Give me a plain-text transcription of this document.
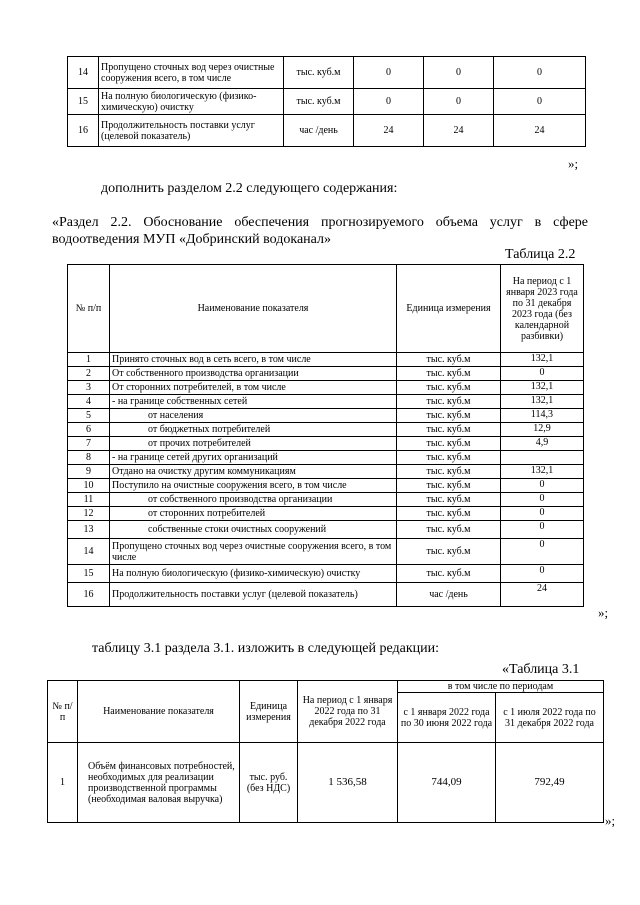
14	Пропущено сточных вод через очистные сооружения всего, в том числе	тыс. куб.м	0	0	0
15	На полную биологическую (физико-химическую) очистку	тыс. куб.м	0	0	0
16	Продолжительность поставки услуг (целевой показатель)	час /день	24	24	24
»;
дополнить разделом 2.2 следующего содержания:
«Раздел 2.2. Обоснование обеспечения прогнозируемого объема услуг в сфере
водоотведения МУП «Добринский водоканал»
Таблица 2.2
№ п/п	Наименование показателя	Единица измерения	На период с 1 января 2023 года по 31 декабря 2023 года (без календарной разбивки)
1	Принято сточных вод в сеть всего, в том числе	тыс. куб.м	132,1
2	От собственного производства организации	тыс. куб.м	0
3	От сторонних потребителей, в том числе	тыс. куб.м	132,1
4	- на границе собственных сетей	тыс. куб.м	132,1
5	от населения	тыс. куб.м	114,3
6	от бюджетных потребителей	тыс. куб.м	12,9
7	от прочих потребителей	тыс. куб.м	4,9
8	- на границе сетей других организаций	тыс. куб.м	
9	Отдано на очистку другим коммуникациям	тыс. куб.м	132,1
10	Поступило на очистные сооружения всего, в том числе	тыс. куб.м	0
11	от собственного производства организации	тыс. куб.м	0
12	от сторонних потребителей	тыс. куб.м	0
13	собственные стоки очистных сооружений	тыс. куб.м	0
14	Пропущено сточных вод через очистные сооружения всего, в том числе	тыс. куб.м	0
15	На полную биологическую (физико-химическую) очистку	тыс. куб.м	0
16	Продолжительность поставки услуг (целевой показатель)	час /день	24
»;
таблицу 3.1 раздела 3.1. изложить в следующей редакции:
«Таблица 3.1
№ п/п	Наименование показателя	Единица измерения	На период с 1 января 2022 года по 31 декабря 2022 года	в том числе по периодам	
				с 1 января 2022 года по 30 июня 2022 года	с 1 июля 2022 года по 31 декабря 2022 года
1	Объём финансовых потребностей, необходимых для реализации производственной программы (необходимая валовая выручка)	тыс. руб. (без НДС)	1 536,58	744,09	792,49
»;
